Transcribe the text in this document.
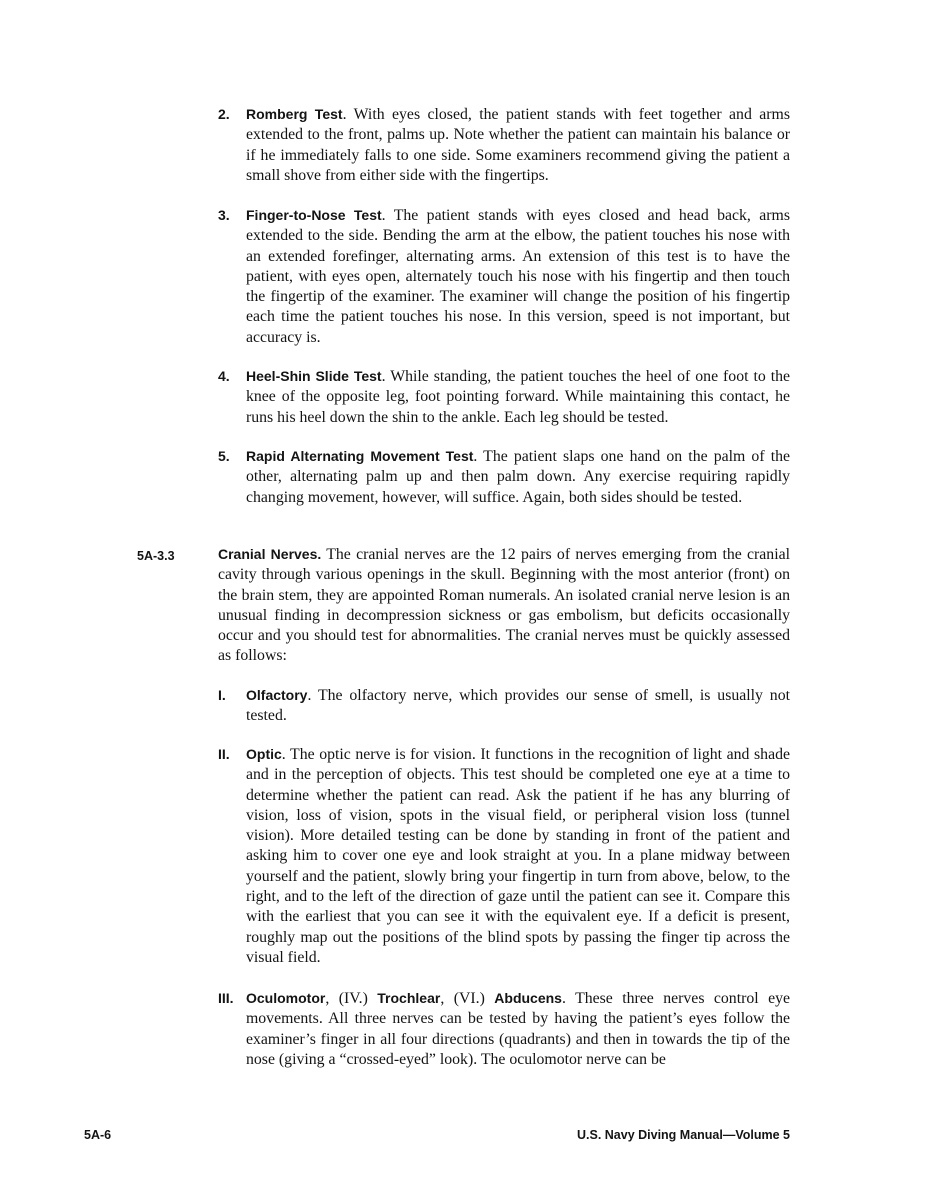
2. Romberg Test. With eyes closed, the patient stands with feet together and arms extended to the front, palms up. Note whether the patient can maintain his balance or if he immediately falls to one side. Some examiners recommend giving the patient a small shove from either side with the fingertips.
3. Finger-to-Nose Test. The patient stands with eyes closed and head back, arms extended to the side. Bending the arm at the elbow, the patient touches his nose with an extended forefinger, alternating arms. An extension of this test is to have the patient, with eyes open, alternately touch his nose with his fingertip and then touch the fingertip of the examiner. The examiner will change the position of his fingertip each time the patient touches his nose. In this version, speed is not important, but accuracy is.
4. Heel-Shin Slide Test. While standing, the patient touches the heel of one foot to the knee of the opposite leg, foot pointing forward. While maintaining this contact, he runs his heel down the shin to the ankle. Each leg should be tested.
5. Rapid Alternating Movement Test. The patient slaps one hand on the palm of the other, alternating palm up and then palm down. Any exercise requiring rapidly changing movement, however, will suffice. Again, both sides should be tested.
5A-3.3	Cranial Nerves. The cranial nerves are the 12 pairs of nerves emerging from the cranial cavity through various openings in the skull. Beginning with the most anterior (front) on the brain stem, they are appointed Roman numerals. An isolated cranial nerve lesion is an unusual finding in decompression sickness or gas embolism, but deficits occasionally occur and you should test for abnormalities. The cranial nerves must be quickly assessed as follows:
I. Olfactory. The olfactory nerve, which provides our sense of smell, is usually not tested.
II. Optic. The optic nerve is for vision. It functions in the recognition of light and shade and in the perception of objects. This test should be completed one eye at a time to determine whether the patient can read. Ask the patient if he has any blurring of vision, loss of vision, spots in the visual field, or peripheral vision loss (tunnel vision). More detailed testing can be done by standing in front of the patient and asking him to cover one eye and look straight at you. In a plane midway between yourself and the patient, slowly bring your fingertip in turn from above, below, to the right, and to the left of the direction of gaze until the patient can see it. Compare this with the earliest that you can see it with the equivalent eye. If a deficit is present, roughly map out the positions of the blind spots by passing the finger tip across the visual field.
III. Oculomotor, (IV.) Trochlear, (VI.) Abducens. These three nerves control eye movements. All three nerves can be tested by having the patient’s eyes follow the examiner’s finger in all four directions (quadrants) and then in towards the tip of the nose (giving a “crossed-eyed” look). The oculomotor nerve can be
5A-6	U.S. Navy Diving Manual—Volume 5
